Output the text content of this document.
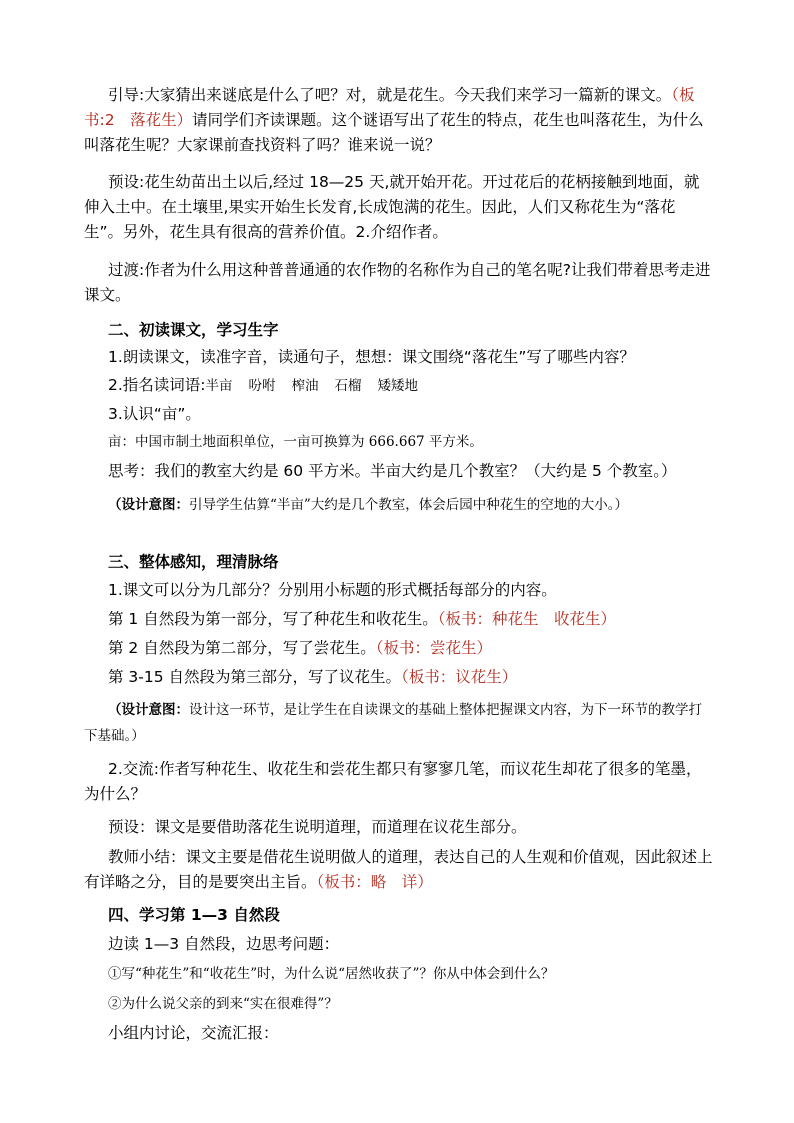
引导:大家猜出来谜底是什么了吧？对，就是花生。今天我们来学习一篇新的课文。（板书:2　落花生）请同学们齐读课题。这个谜语写出了花生的特点，花生也叫落花生，为什么叫落花生呢？大家课前查找资料了吗？谁来说一说？
预设:花生幼苗出土以后,经过 18—25 天,就开始开花。开过花后的花柄接触到地面，就伸入土中。在土壤里,果实开始生长发育,长成饱满的花生。因此，人们又称花生为“落花生”。另外，花生具有很高的营养价值。2.介绍作者。
过渡:作者为什么用这种普普通通的农作物的名称作为自己的笔名呢?让我们带着思考走进课文。
二、初读课文，学习生字
1.朗读课文，读准字音，读通句子，想想：课文围绕“落花生”写了哪些内容？
2.指名读词语:半亩 吩咐 榨油 石榴 矮矮地
3.认识“亩”。
亩：中国市制土地面积单位，一亩可换算为 666.667 平方米。
思考：我们的教室大约是 60 平方米。半亩大约是几个教室？（大约是 5 个教室。）
（设计意图：引导学生估算“半亩”大约是几个教室，体会后园中种花生的空地的大小。）
三、整体感知，理清脉络
1.课文可以分为几部分？分别用小标题的形式概括每部分的内容。
第 1 自然段为第一部分，写了种花生和收花生。（板书：种花生　收花生）
第 2 自然段为第二部分，写了尝花生。（板书：尝花生）
第 3-15 自然段为第三部分，写了议花生。（板书：议花生）
（设计意图：设计这一环节，是让学生在自读课文的基础上整体把握课文内容，为下一环节的教学打下基础。）
2.交流:作者写种花生、收花生和尝花生都只有寥寥几笔，而议花生却花了很多的笔墨，为什么？
预设：课文是要借助落花生说明道理，而道理在议花生部分。
教师小结：课文主要是借花生说明做人的道理，表达自己的人生观和价值观，因此叙述上有详略之分，目的是要突出主旨。（板书：略　详）
四、学习第 1—3 自然段
边读 1—3 自然段，边思考问题：
①写“种花生”和“收花生”时，为什么说“居然收获了”？你从中体会到什么？
②为什么说父亲的到来“实在很难得”？
小组内讨论，交流汇报：
